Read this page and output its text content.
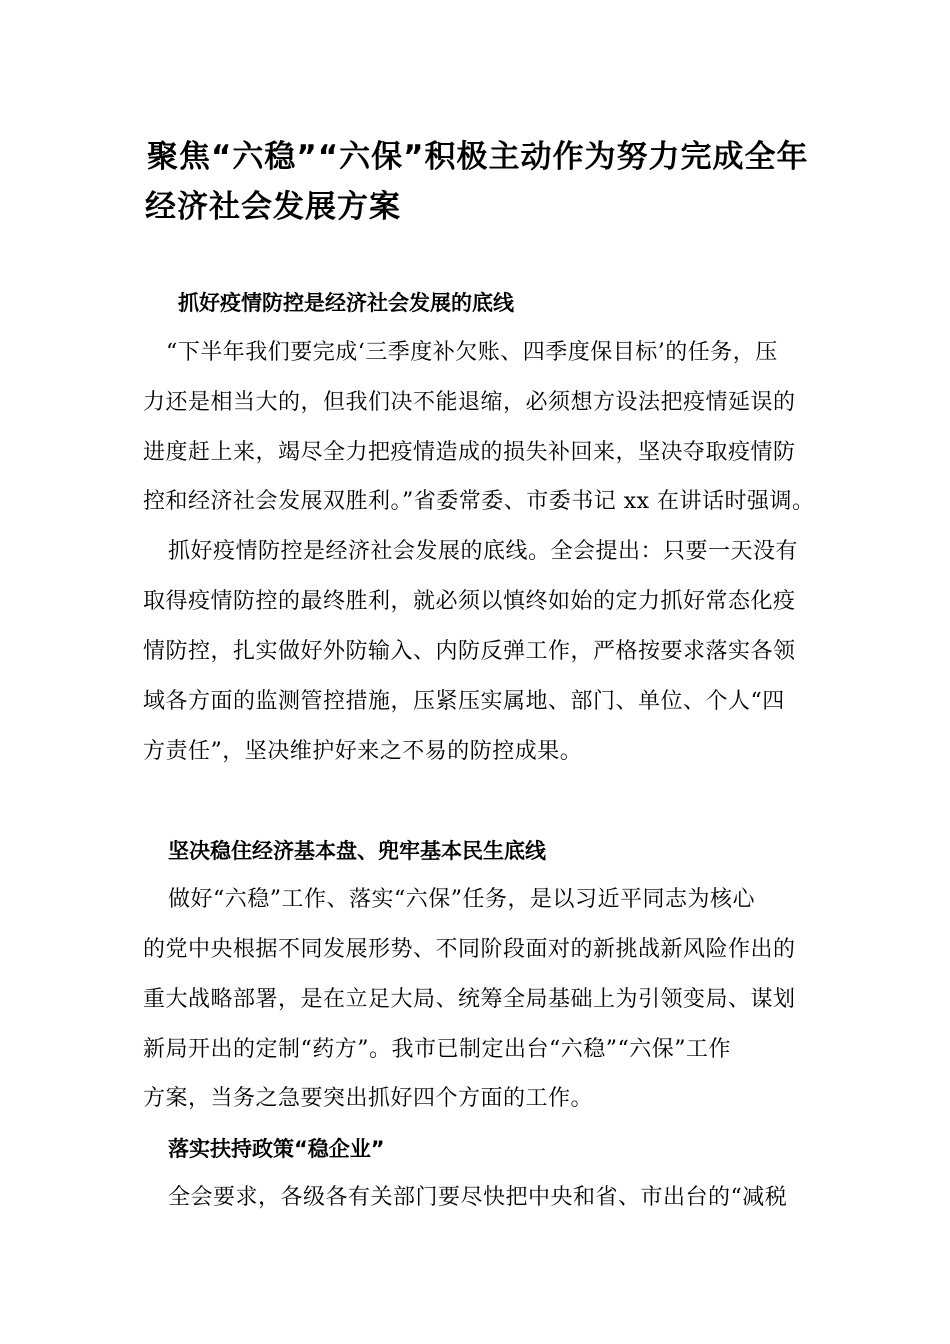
聚焦“六稳”“六保”积极主动作为努力完成全年
经济社会发展方案
抓好疫情防控是经济社会发展的底线

“下半年我们要完成‘三季度补欠账、四季度保目标’的任务，压

力还是相当大的，但我们决不能退缩，必须想方设法把疫情延误的

进度赶上来，竭尽全力把疫情造成的损失补回来，坚决夺取疫情防

控和经济社会发展双胜利。”省委常委、市委书记 xx 在讲话时强调。

抓好疫情防控是经济社会发展的底线。全会提出：只要一天没有

取得疫情防控的最终胜利，就必须以慎终如始的定力抓好常态化疫

情防控，扎实做好外防输入、内防反弹工作，严格按要求落实各领

域各方面的监测管控措施，压紧压实属地、部门、单位、个人“四

方责任”，坚决维护好来之不易的防控成果。

坚决稳住经济基本盘、兜牢基本民生底线

做好“六稳”工作、落实“六保”任务，是以习近平同志为核心

的党中央根据不同发展形势、不同阶段面对的新挑战新风险作出的

重大战略部署，是在立足大局、统筹全局基础上为引领变局、谋划

新局开出的定制“药方”。我市已制定出台“六稳”“六保”工作

方案，当务之急要突出抓好四个方面的工作。

落实扶持政策“稳企业”

全会要求，各级各有关部门要尽快把中央和省、市出台的“减税
